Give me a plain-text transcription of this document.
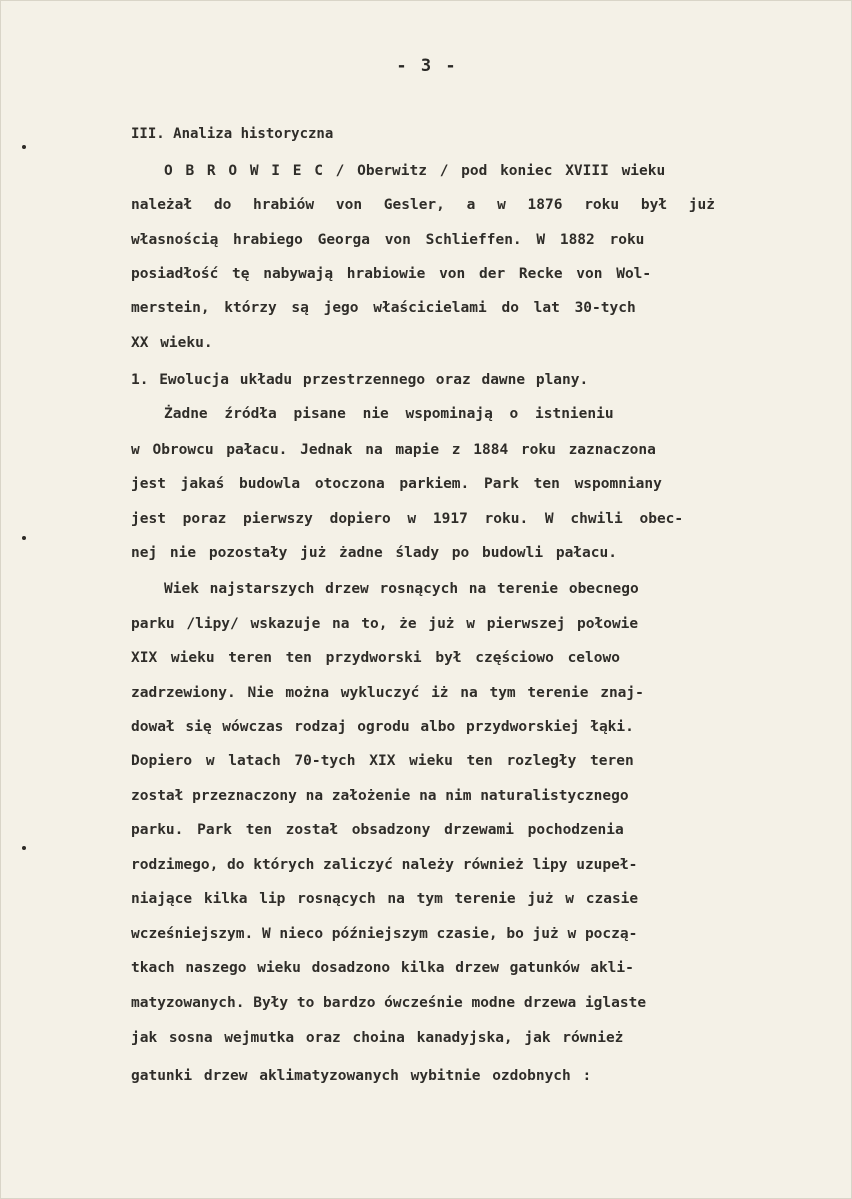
- 3 -
III. Analiza historyczna
O B R O W I E C / Oberwitz / pod koniec XVIII wieku
należał do hrabiów von Gesler, a w 1876 roku był już
własnością hrabiego Georga von Schlieffen. W 1882 roku
posiadłość tę nabywają hrabiowie von der Recke von Wol-
merstein, którzy są jego właścicielami do lat 30-tych
XX wieku.
1. Ewolucja układu przestrzennego oraz dawne plany.
Żadne źródła pisane nie wspominają o istnieniu
w Obrowcu pałacu. Jednak na mapie z 1884 roku zaznaczona
jest jakaś budowla otoczona parkiem. Park ten wspomniany
jest poraz pierwszy dopiero w 1917 roku. W chwili obec-
nej nie pozostały już żadne ślady po budowli pałacu.
Wiek najstarszych drzew rosnących na terenie obecnego
parku /lipy/ wskazuje na to, że już w pierwszej połowie
XIX wieku teren ten przydworski był częściowo celowo
zadrzewiony. Nie można wykluczyć iż na tym terenie znaj-
dował się wówczas rodzaj ogrodu albo przydworskiej łąki.
Dopiero w latach 70-tych XIX wieku ten rozległy teren
został przeznaczony na założenie na nim naturalistycznego
parku. Park ten został obsadzony drzewami pochodzenia
rodzimego, do których zaliczyć należy również lipy uzupeł-
niające kilka lip rosnących na tym terenie już w czasie
wcześniejszym. W nieco późniejszym czasie, bo już w począ-
tkach naszego wieku dosadzono kilka drzew gatunków akli-
matyzowanych. Były to bardzo ówcześnie modne drzewa iglaste
jak sosna wejmutka oraz choina kanadyjska, jak również
gatunki drzew aklimatyzowanych wybitnie ozdobnych :
